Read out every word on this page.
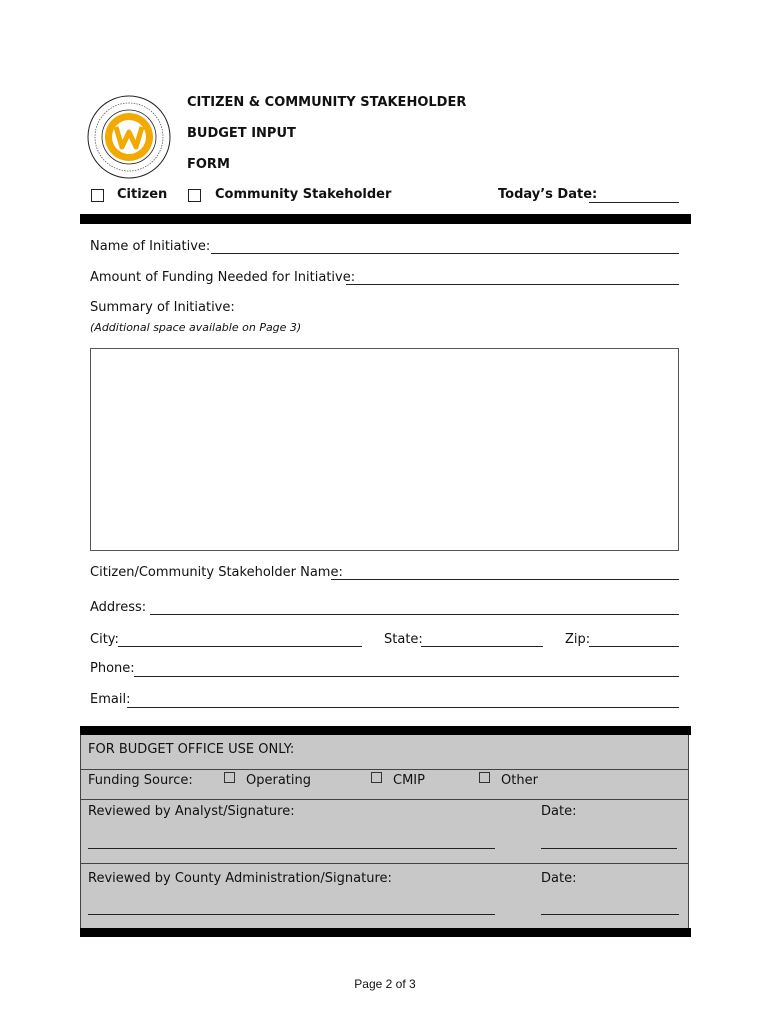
CITIZEN & COMMUNITY STAKEHOLDER
BUDGET INPUT
FORM
Citizen	Community Stakeholder	Today’s Date:
Name of Initiative:
Amount of Funding Needed for Initiative:
Summary of Initiative:
(Additional space available on Page 3)
Citizen/Community Stakeholder Name:
Address:
City:	State:	Zip:
Phone:
Email:
FOR BUDGET OFFICE USE ONLY:
Funding Source:	Operating	CMIP	Other
Reviewed by Analyst/Signature:	Date:
Reviewed by County Administration/Signature:	Date:
Page 2 of 3
